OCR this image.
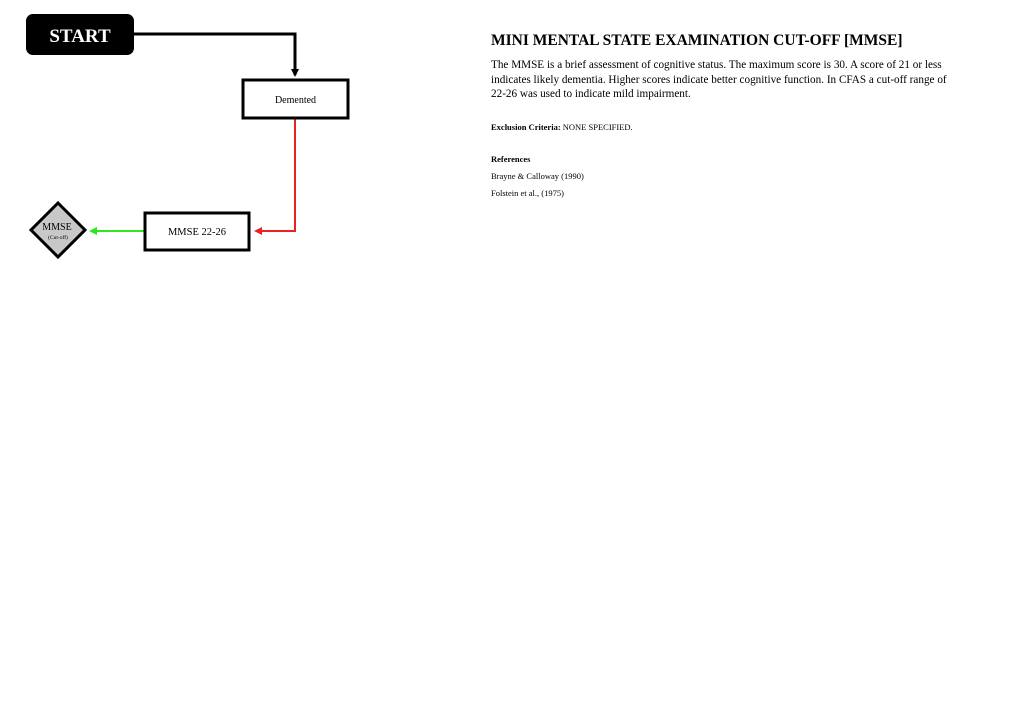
START
Demented
MMSE 22-26
MMSE
(Cut-off)
MINI MENTAL STATE EXAMINATION CUT-OFF [MMSE]

The MMSE is a brief assessment of cognitive status. The maximum score is 30. A score of 21 or less indicates likely dementia. Higher scores indicate better cognitive function. In CFAS a cut-off range of 22-26 was used to indicate mild impairment.

Exclusion Criteria: NONE SPECIFIED.

References

Brayne & Calloway (1990)

Folstein et al., (1975)
